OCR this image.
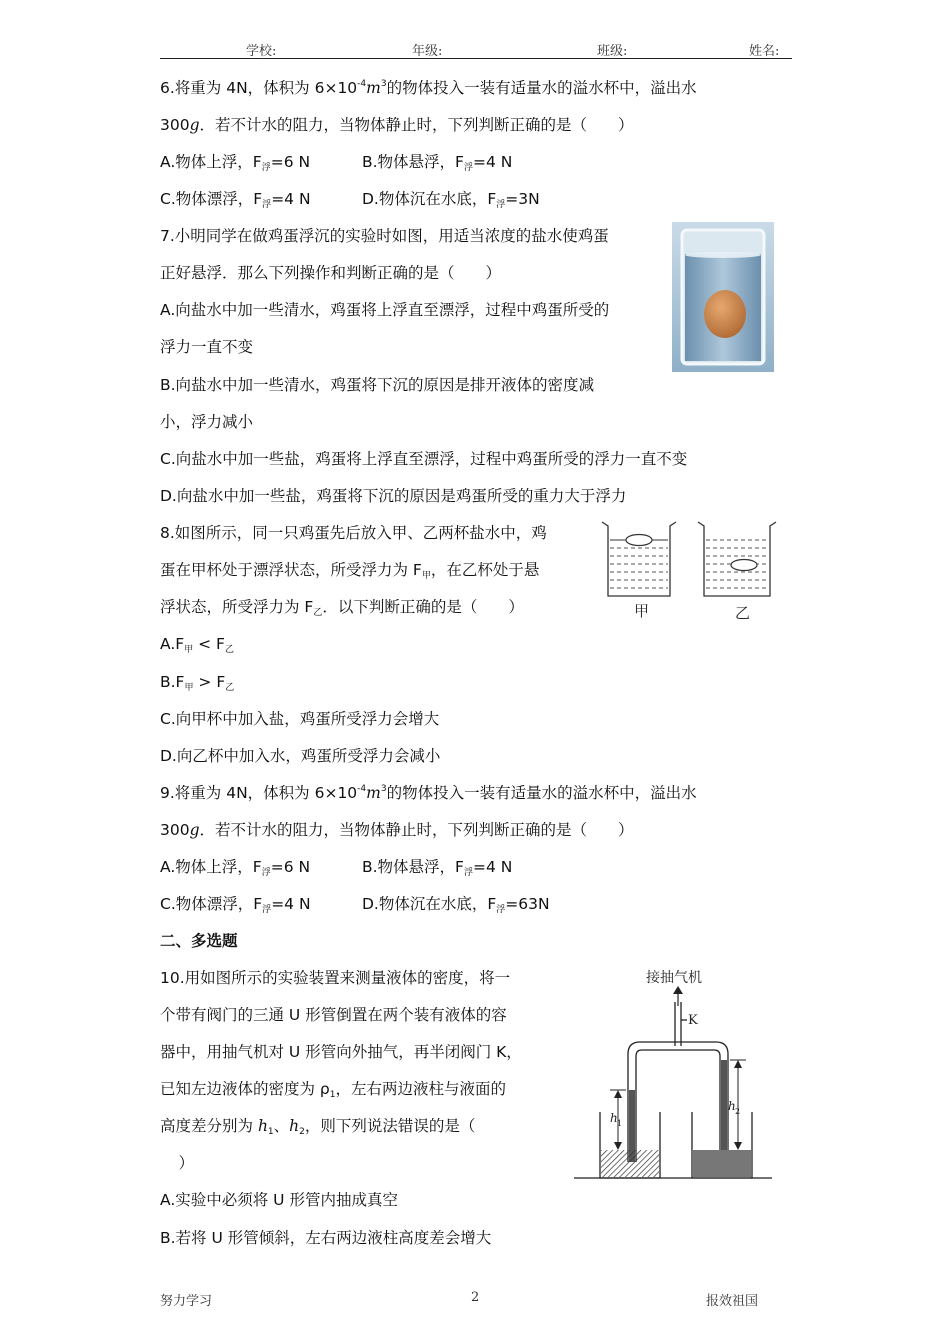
学校:	年级:	班级:	姓名:
6.将重为 4N，体积为 $6\times 10^{-4}m^3$的物体投入一装有适量水的溢水杯中，溢出水
300g．若不计水的阻力，当物体静止时，下列判断正确的是（　　）
A.物体上浮，F浮=6 N	B.物体悬浮，F浮=4 N
C.物体漂浮，F浮=4 N	D.物体沉在水底，F浮=3N
7.小明同学在做鸡蛋浮沉的实验时如图，用适当浓度的盐水使鸡蛋
正好悬浮．那么下列操作和判断正确的是（　　）
A.向盐水中加一些清水，鸡蛋将上浮直至漂浮，过程中鸡蛋所受的
浮力一直不变
B.向盐水中加一些清水，鸡蛋将下沉的原因是排开液体的密度减
小，浮力减小
C.向盐水中加一些盐，鸡蛋将上浮直至漂浮，过程中鸡蛋所受的浮力一直不变
D.向盐水中加一些盐，鸡蛋将下沉的原因是鸡蛋所受的重力大于浮力
8.如图所示，同一只鸡蛋先后放入甲、乙两杯盐水中，鸡
蛋在甲杯处于漂浮状态，所受浮力为 F甲，在乙杯处于悬
浮状态，所受浮力为 F乙．以下判断正确的是（　　）
A.F甲 < F乙
B.F甲 > F乙
C.向甲杯中加入盐，鸡蛋所受浮力会增大
D.向乙杯中加入水，鸡蛋所受浮力会减小
甲	乙
9.将重为 4N，体积为 $6\times 10^{-4}m^3$的物体投入一装有适量水的溢水杯中，溢出水
300g．若不计水的阻力，当物体静止时，下列判断正确的是（　　）
A.物体上浮，F浮=6 N	B.物体悬浮，F浮=4 N
C.物体漂浮，F浮=4 N	D.物体沉在水底，F浮=63N
二、多选题
10.用如图所示的实验装置来测量液体的密度，将一
个带有阀门的三通 U 形管倒置在两个装有液体的容
器中，用抽气机对 U 形管向外抽气，再半闭阀门 K，
已知左边液体的密度为 ρ1，左右两边液柱与液面的
高度差分别为 h1、h2，则下列说法错误的是（
　）
A.实验中必须将 U 形管内抽成真空
B.若将 U 形管倾斜，左右两边液柱高度差会增大
接抽气机
K
h 1
h 2
努力学习	2	报效祖国
